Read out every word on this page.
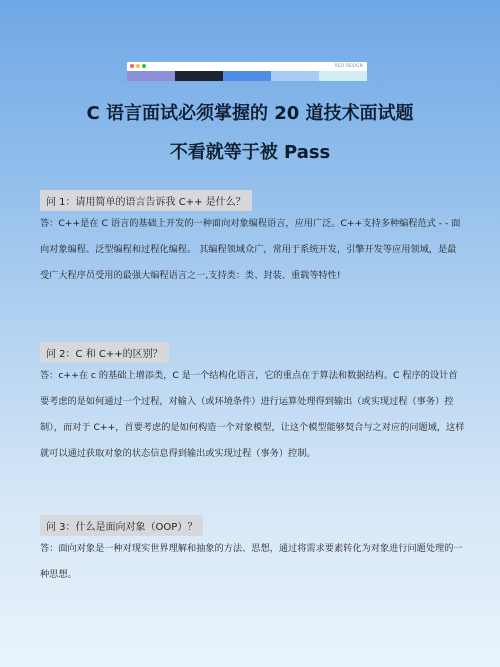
RED DESIGN
C 语言面试必须掌握的 20 道技术面试题
不看就等于被 Pass
问 1：请用简单的语言告诉我 C++ 是什么？

答：C++是在 C 语言的基础上开发的一种面向对象编程语言，应用广泛。C++支持多种编程范式 - - 面向对象编程、泛型编程和过程化编程。 其编程领域众广，常用于系统开发，引擎开发等应用领域，是最受广大程序员受用的最强大编程语言之一,支持类：类、封装、重载等特性!

问 2：C 和 C++的区别？

答：c++在 c 的基础上增添类，C 是一个结构化语言，它的重点在于算法和数据结构。C 程序的设计首要考虑的是如何通过一个过程，对输入（或环境条件）进行运算处理得到输出（或实现过程（事务）控制），而对于 C++，首要考虑的是如何构造一个对象模型，让这个模型能够契合与之对应的问题域，这样就可以通过获取对象的状态信息得到输出或实现过程（事务）控制。

问 3：什么是面向对象（OOP）？

答：面向对象是一种对现实世界理解和抽象的方法、思想，通过将需求要素转化为对象进行问题处理的一种思想。
